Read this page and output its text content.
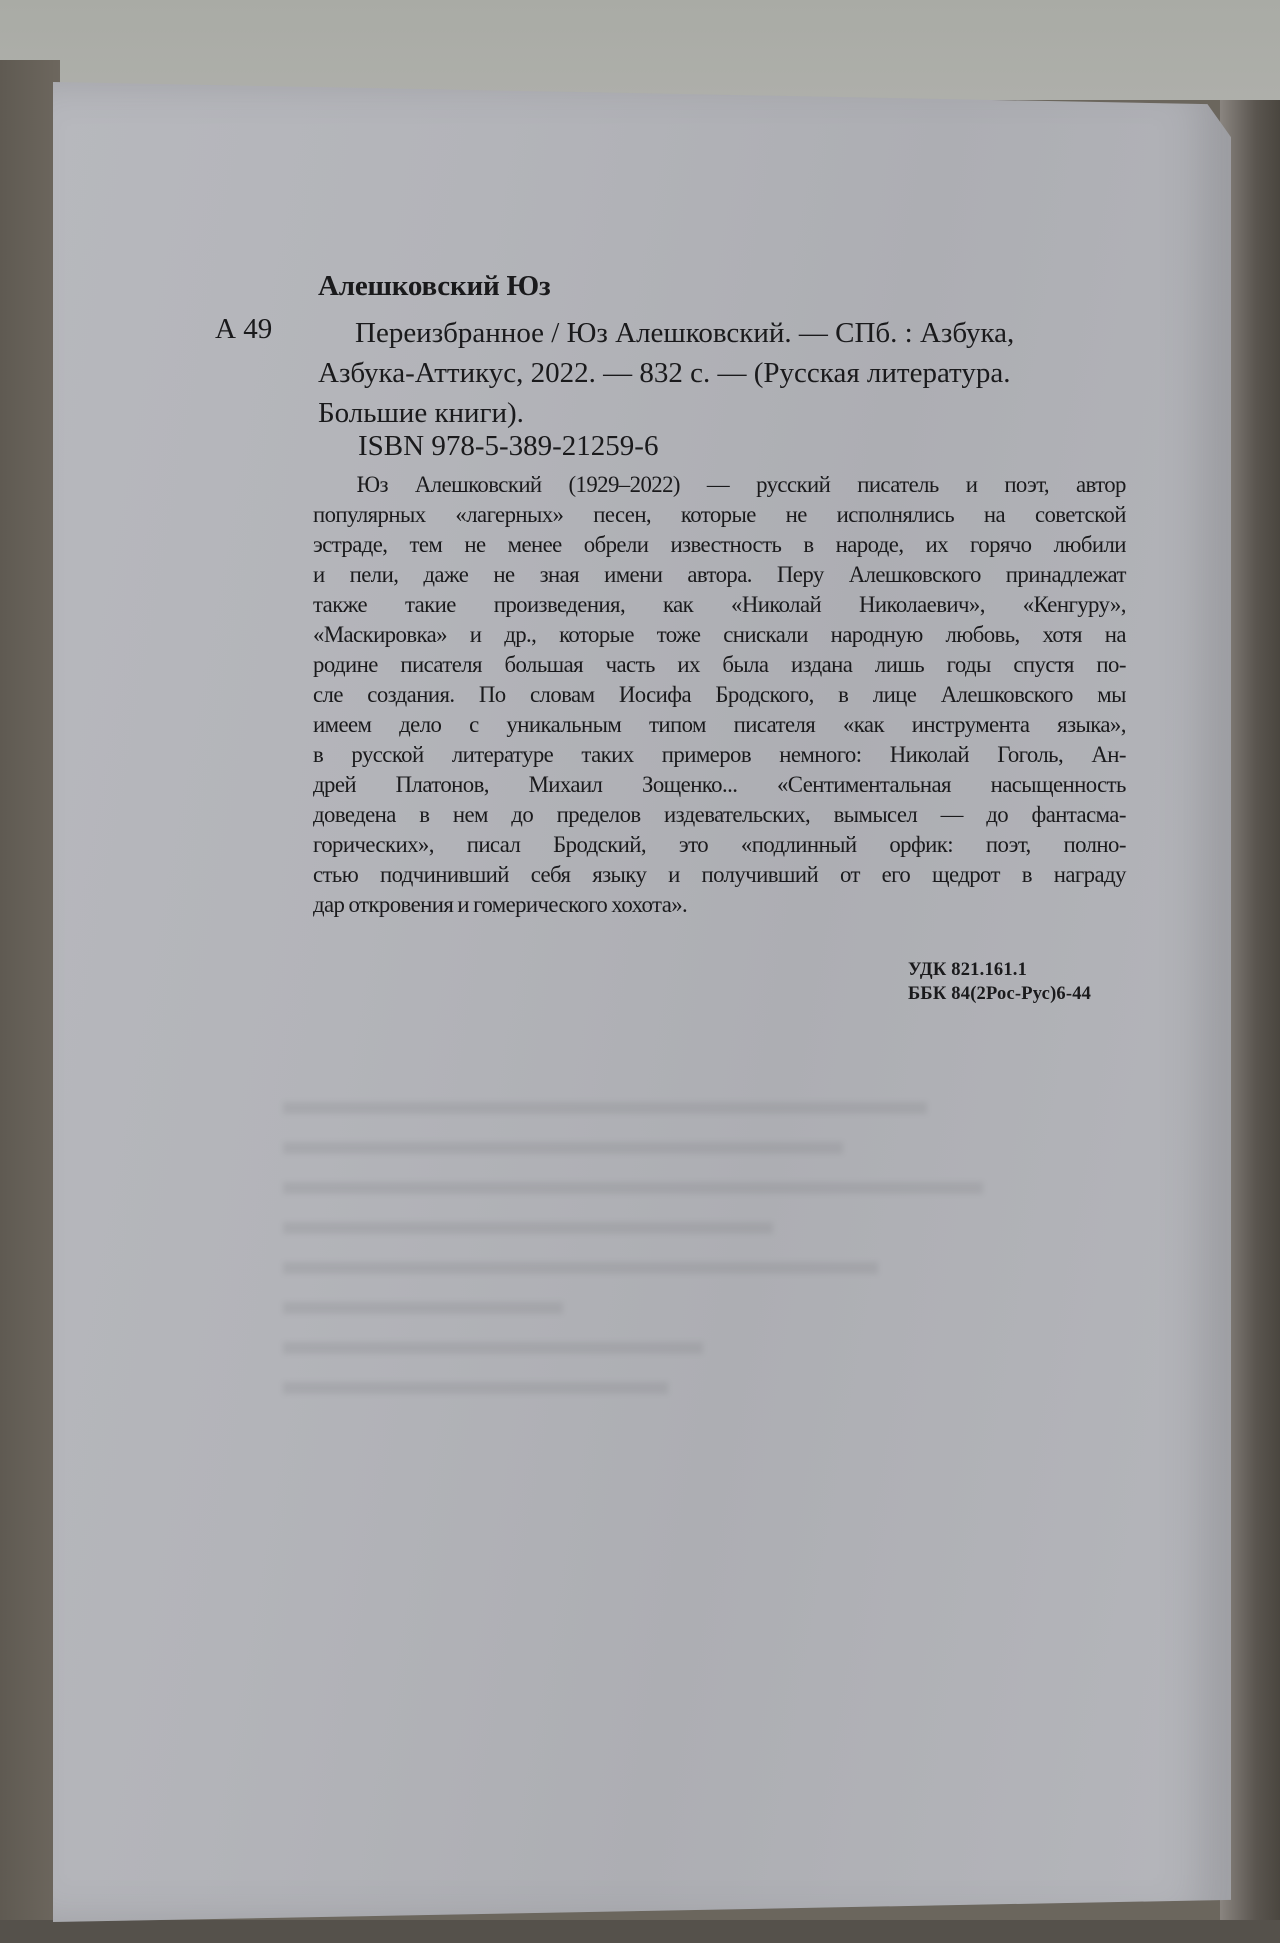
Алешковский Юз
А 49	Переизбранное / Юз Алешковский. — СПб. : Азбука,
Азбука-Аттикус, 2022. — 832 с. — (Русская литература.
Большие книги).
ISBN 978-5-389-21259-6
Юз Алешковский (1929–2022) — русский писатель и поэт, автор
популярных «лагерных» песен, которые не исполнялись на советской
эстраде, тем не менее обрели известность в народе, их горячо любили
и пели, даже не зная имени автора. Перу Алешковского принадлежат
также такие произведения, как «Николай Николаевич», «Кенгуру»,
«Маскировка» и др., которые тоже снискали народную любовь, хотя на
родине писателя большая часть их была издана лишь годы спустя по-
сле создания. По словам Иосифа Бродского, в лице Алешковского мы
имеем дело с уникальным типом писателя «как инструмента языка»,
в русской литературе таких примеров немного: Николай Гоголь, Ан-
дрей Платонов, Михаил Зощенко... «Сентиментальная насыщенность
доведена в нем до пределов издевательских, вымысел — до фантасма-
горических», писал Бродский, это «подлинный орфик: поэт, полно-
стью подчинивший себя языку и получивший от его щедрот в награду
дар откровения и гомерического хохота».
УДК 821.161.1
ББК 84(2Рос-Рус)6-44
